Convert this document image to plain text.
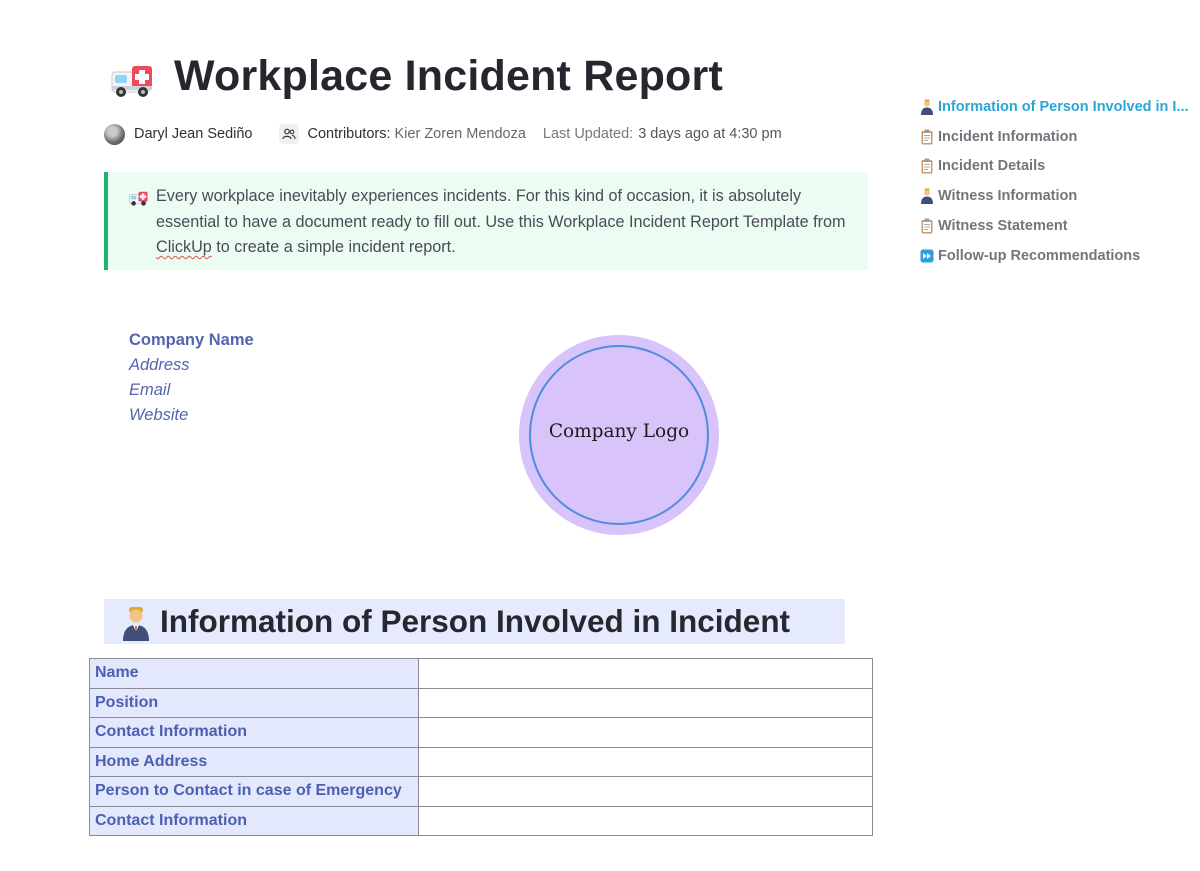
Workplace Incident Report
Daryl Jean Sediño	Contributors: Kier Zoren Mendoza Last Updated: 3 days ago at 4:30 pm
Every workplace inevitably experiences incidents. For this kind of occasion, it is absolutely essential to have a document ready to fill out. Use this Workplace Incident Report Template from ClickUp to create a simple incident report.
Company Name
Address
Email
Website
Company Logo
Information of Person Involved in Incident
Name	
Position	
Contact Information	
Home Address	
Person to Contact in case of Emergency	
Contact Information	
Information of Person Involved in I...
Incident Information
Incident Details
Witness Information
Witness Statement
Follow-up Recommendations
